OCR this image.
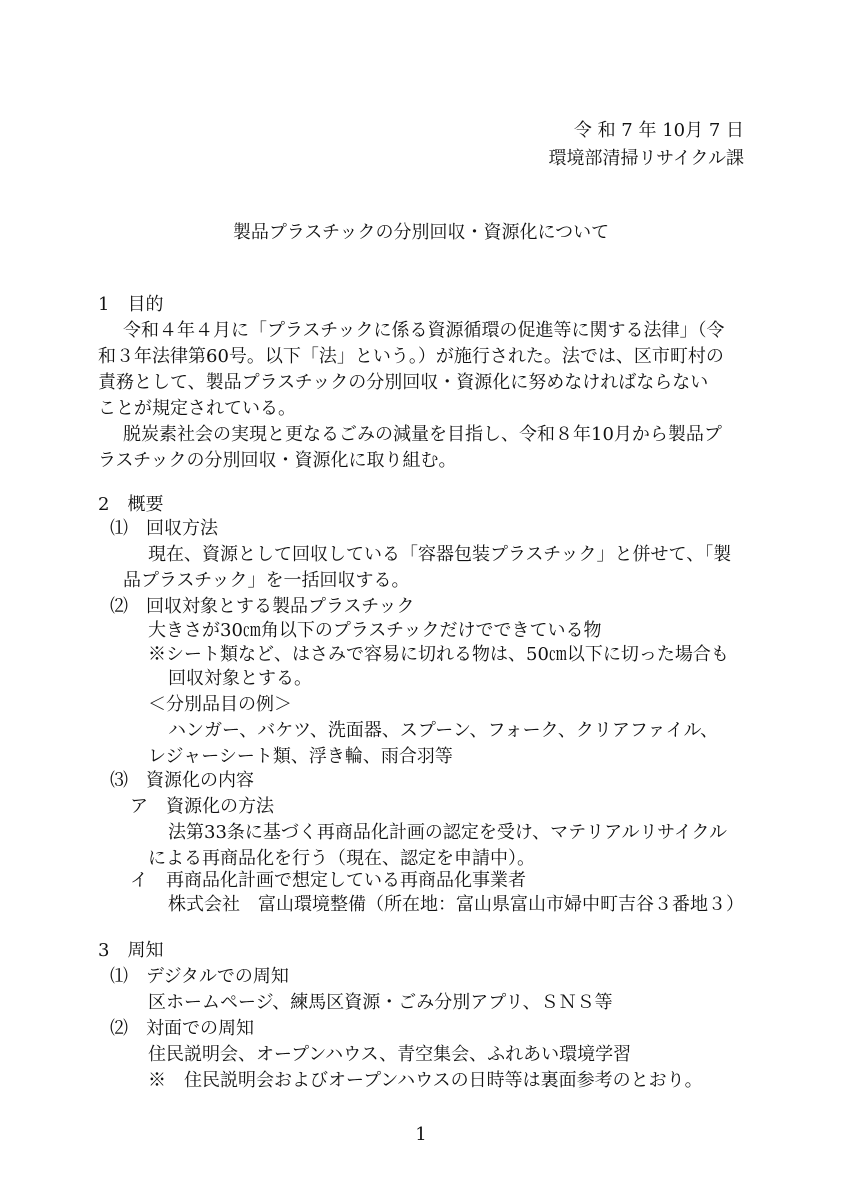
令 和 7 年 10月 7 日
環境部清掃リサイクル課
製品プラスチックの分別回収・資源化について
1　目的
令和４年４月に「プラスチックに係る資源循環の促進等に関する法律」（令
和３年法律第60号。以下「法」という。）が施行された。法では、区市町村の
責務として、製品プラスチックの分別回収・資源化に努めなければならない
ことが規定されている。
脱炭素社会の実現と更なるごみの減量を目指し、令和８年10月から製品プ
ラスチックの分別回収・資源化に取り組む。
2　概要
⑴　回収方法
現在、資源として回収している「容器包装プラスチック」と併せて、「製
品プラスチック」を一括回収する。
⑵　回収対象とする製品プラスチック
大きさが30㎝角以下のプラスチックだけでできている物
※シート類など、はさみで容易に切れる物は、50㎝以下に切った場合も
回収対象とする。
＜分別品目の例＞
ハンガー、バケツ、洗面器、スプーン、フォーク、クリアファイル、
レジャーシート類、浮き輪、雨合羽等
⑶　資源化の内容
ア　資源化の方法
法第33条に基づく再商品化計画の認定を受け、マテリアルリサイクル
による再商品化を行う（現在、認定を申請中）。
イ　再商品化計画で想定している再商品化事業者
株式会社　富山環境整備（所在地：富山県富山市婦中町吉谷３番地３）
3　周知
⑴　デジタルでの周知
区ホームページ、練馬区資源・ごみ分別アプリ、ＳＮＳ等
⑵　対面での周知
住民説明会、オープンハウス、青空集会、ふれあい環境学習
※　住民説明会およびオープンハウスの日時等は裏面参考のとおり。
1
